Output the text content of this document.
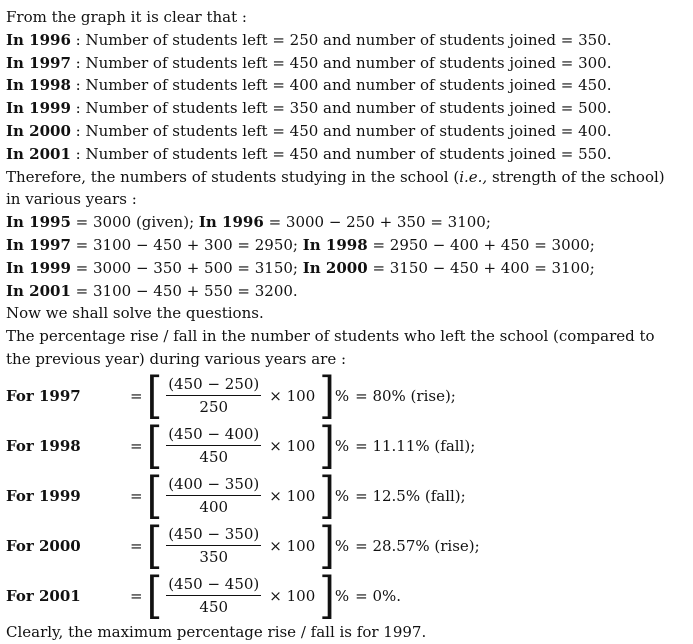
From the graph it is clear that :
In 1996 : Number of students left = 250 and number of students joined = 350.
In 1997 : Number of students left = 450 and number of students joined = 300.
In 1998 : Number of students left = 400 and number of students joined = 450.
In 1999 : Number of students left = 350 and number of students joined = 500.
In 2000 : Number of students left = 450 and number of students joined = 400.
In 2001 : Number of students left = 450 and number of students joined = 550.
Therefore, the numbers of students studying in the school (i.e., strength of the school)
in various years :
In 1995 = 3000 (given); In 1996 = 3000 − 250 + 350 = 3100;
In 1997 = 3100 − 450 + 300 = 2950; In 1998 = 2950 − 400 + 450 = 3000;
In 1999 = 3000 − 350 + 500 = 3150; In 2000 = 3150 − 450 + 400 = 3100;
In 2001 = 3100 − 450 + 550 = 3200.
Now we shall solve the questions.
The percentage rise / fall in the number of students who left the school (compared to
the previous year) during various years are :
For 1997	= [ $\frac{(450 - 250)}{250} \times 100$ ] % = 80% (rise);
For 1998	= [ $\frac{(450 - 400)}{450} \times 100$ ] % = 11.11% (fall);
For 1999	= [ $\frac{(400 - 350)}{400} \times 100$ ] % = 12.5% (fall);
For 2000	= [ $\frac{(450 - 350)}{350} \times 100$ ] % = 28.57% (rise);
For 2001	= [ $\frac{(450 - 450)}{450} \times 100$ ] % = 0%.
Clearly, the maximum percentage rise / fall is for 1997.
